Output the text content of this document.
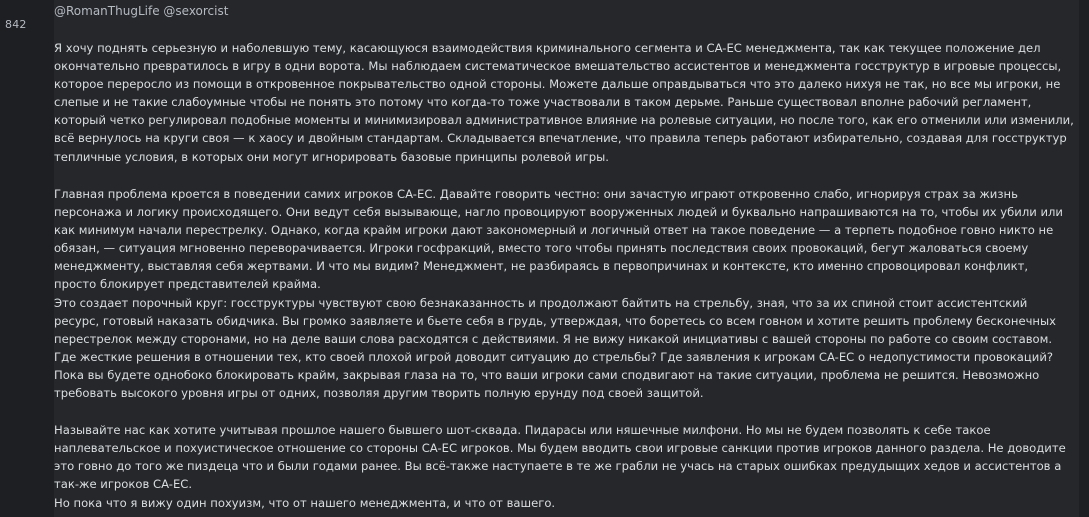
842
@RomanThugLife @sexorcist

Я хочу поднять серьезную и наболевшую тему, касающуюся взаимодействия криминального сегмента и CA-EC менеджмента, так как текущее положение дел окончательно превратилось в игру в одни ворота. Мы наблюдаем систематическое вмешательство ассистентов и менеджмента госструктур в игровые процессы, которое переросло из помощи в откровенное покрывательство одной стороны. Можете дальше оправдываться что это далеко нихуя не так, но все мы игроки, не слепые и не такие слабоумные чтобы не понять это потому что когда-то тоже участвовали в таком дерьме. Раньше существовал вполне рабочий регламент, который четко регулировал подобные моменты и минимизировал административное влияние на ролевые ситуации, но после того, как его отменили или изменили, всё вернулось на круги своя — к хаосу и двойным стандартам. Складывается впечатление, что правила теперь работают избирательно, создавая для госструктур тепличные условия, в которых они могут игнорировать базовые принципы ролевой игры.

Главная проблема кроется в поведении самих игроков CA-EC. Давайте говорить честно: они зачастую играют откровенно слабо, игнорируя страх за жизнь персонажа и логику происходящего. Они ведут себя вызывающе, нагло провоцируют вооруженных людей и буквально напрашиваются на то, чтобы их убили или как минимум начали перестрелку. Однако, когда крайм игроки дают закономерный и логичный ответ на такое поведение — а терпеть подобное говно никто не обязан, — ситуация мгновенно переворачивается. Игроки госфракций, вместо того чтобы принять последствия своих провокаций, бегут жаловаться своему менеджменту, выставляя себя жертвами. И что мы видим? Менеджмент, не разбираясь в первопричинах и контексте, кто именно спровоцировал конфликт, просто блокирует представителей крайма.

Это создает порочный круг: госструктуры чувствуют свою безнаказанность и продолжают байтить на стрельбу, зная, что за их спиной стоит ассистентский ресурс, готовый наказать обидчика. Вы громко заявляете и бьете себя в грудь, утверждая, что боретесь со всем говном и хотите решить проблему бесконечных перестрелок между сторонами, но на деле ваши слова расходятся с действиями. Я не вижу никакой инициативы с вашей стороны по работе со своим составом. Где жесткие решения в отношении тех, кто своей плохой игрой доводит ситуацию до стрельбы? Где заявления к игрокам CA-EC о недопустимости провокаций? Пока вы будете однобоко блокировать крайм, закрывая глаза на то, что ваши игроки сами сподвигают на такие ситуации, проблема не решится. Невозможно требовать высокого уровня игры от одних, позволяя другим творить полную ерунду под своей защитой.

Называйте нас как хотите учитывая прошлое нашего бывшего шот-сквада. Пидарасы или няшечные милфони. Но мы не будем позволять к себе такое наплевательское и похуистическое отношение со стороны CA-EC игроков. Мы будем вводить свои игровые санкции против игроков данного раздела. Не доводите это говно до того же пиздеца что и были годами ранее. Вы всё-также наступаете в те же грабли не учась на старых ошибках предудыщих хедов и ассистентов а так-же игроков CA-EC.

Но пока что я вижу один похуизм, что от нашего менеджмента, и что от вашего.
